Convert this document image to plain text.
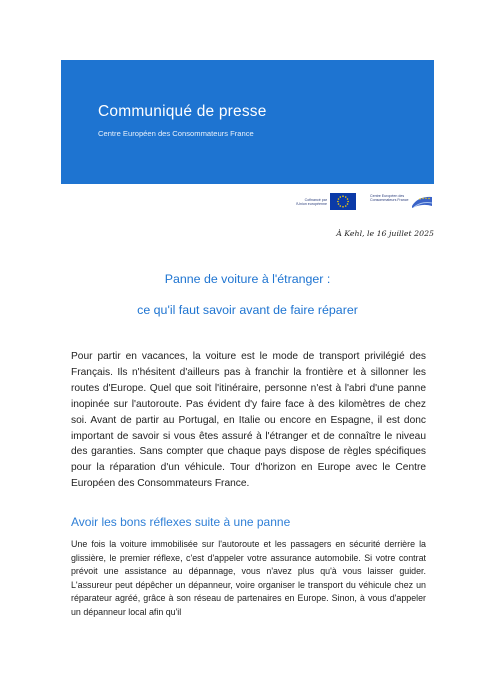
Communiqué de presse
Centre Européen des Consommateurs France
Cofinancé par l'Union européenne
Centre Européen des Consommateurs France
À Kehl, le 16 juillet 2025
Panne de voiture à l'étranger :
ce qu'il faut savoir avant de faire réparer

Pour partir en vacances, la voiture est le mode de transport privilégié des Français. Ils n'hésitent d'ailleurs pas à franchir la frontière et à sillonner les routes d'Europe. Quel que soit l'itinéraire, personne n'est à l'abri d'une panne inopinée sur l'autoroute. Pas évident d'y faire face à des kilomètres de chez soi. Avant de partir au Portugal, en Italie ou encore en Espagne, il est donc important de savoir si vous êtes assuré à l'étranger et de connaître le niveau des garanties. Sans compter que chaque pays dispose de règles spécifiques pour la réparation d'un véhicule. Tour d'horizon en Europe avec le Centre Européen des Consommateurs France.

Avoir les bons réflexes suite à une panne

Une fois la voiture immobilisée sur l'autoroute et les passagers en sécurité derrière la glissière, le premier réflexe, c'est d'appeler votre assurance automobile. Si votre contrat prévoit une assistance au dépannage, vous n'avez plus qu'à vous laisser guider. L'assureur peut dépêcher un dépanneur, voire organiser le transport du véhicule chez un réparateur agréé, grâce à son réseau de partenaires en Europe. Sinon, à vous d'appeler un dépanneur local afin qu'il
